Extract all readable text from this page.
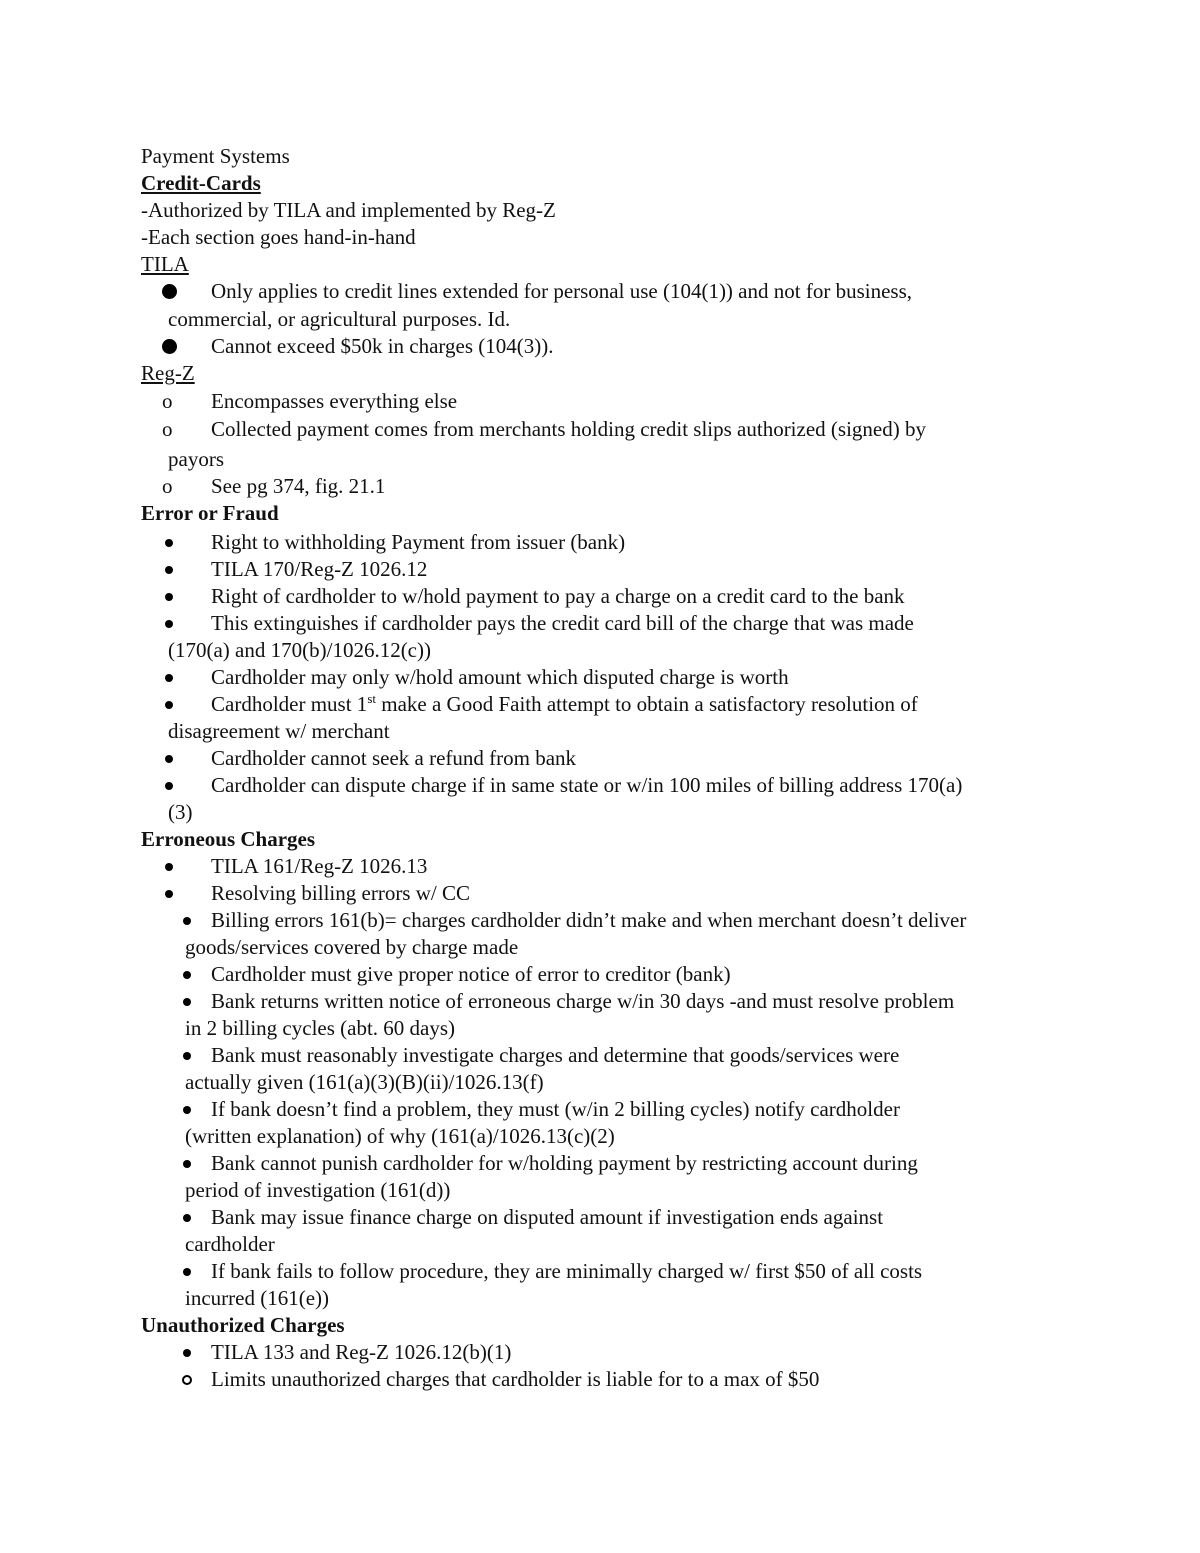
Payment Systems
Credit-Cards
-Authorized by TILA and implemented by Reg-Z
-Each section goes hand-in-hand
TILA
Only applies to credit lines extended for personal use (104(1)) and not for business,
commercial, or agricultural purposes. Id.
Cannot exceed $50k in charges (104(3)).
Reg-Z
o Encompasses everything else
o Collected payment comes from merchants holding credit slips authorized (signed) by
payors
o See pg 374, fig. 21.1
Error or Fraud
Right to withholding Payment from issuer (bank)
TILA 170/Reg-Z 1026.12
Right of cardholder to w/hold payment to pay a charge on a credit card to the bank
This extinguishes if cardholder pays the credit card bill of the charge that was made
(170(a) and 170(b)/1026.12(c))
Cardholder may only w/hold amount which disputed charge is worth
Cardholder must 1st make a Good Faith attempt to obtain a satisfactory resolution of
disagreement w/ merchant
Cardholder cannot seek a refund from bank
Cardholder can dispute charge if in same state or w/in 100 miles of billing address 170(a)
(3)
Erroneous Charges
TILA 161/Reg-Z 1026.13
Resolving billing errors w/ CC
Billing errors 161(b)= charges cardholder didn’t make and when merchant doesn’t deliver
goods/services covered by charge made
Cardholder must give proper notice of error to creditor (bank)
Bank returns written notice of erroneous charge w/in 30 days -and must resolve problem
in 2 billing cycles (abt. 60 days)
Bank must reasonably investigate charges and determine that goods/services were
actually given (161(a)(3)(B)(ii)/1026.13(f)
If bank doesn’t find a problem, they must (w/in 2 billing cycles) notify cardholder
(written explanation) of why (161(a)/1026.13(c)(2)
Bank cannot punish cardholder for w/holding payment by restricting account during
period of investigation (161(d))
Bank may issue finance charge on disputed amount if investigation ends against
cardholder
If bank fails to follow procedure, they are minimally charged w/ first $50 of all costs
incurred (161(e))
Unauthorized Charges
TILA 133 and Reg-Z 1026.12(b)(1)
Limits unauthorized charges that cardholder is liable for to a max of $50
